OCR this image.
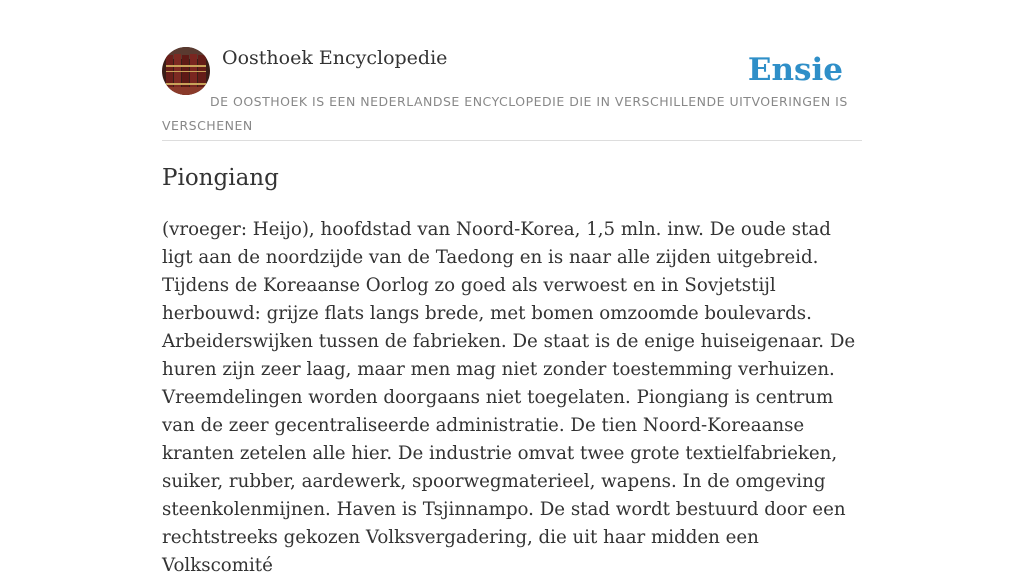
Oosthoek Encyclopedie	Ensie
DE OOSTHOEK IS EEN NEDERLANDSE ENCYCLOPEDIE DIE IN VERSCHILLENDE UITVOERINGEN IS VERSCHENEN
Piongiang

(vroeger: Heijo), hoofdstad van Noord-Korea, 1,5 mln. inw. De oude stad ligt aan de noordzijde van de Taedong en is naar alle zijden uitgebreid. Tijdens de Koreaanse Oorlog zo goed als verwoest en in Sovjetstijl herbouwd: grijze flats langs brede, met bomen omzoomde boulevards. Arbeiderswijken tussen de fabrieken. De staat is de enige huiseigenaar. De huren zijn zeer laag, maar men mag niet zonder toestemming verhuizen. Vreemdelingen worden doorgaans niet toegelaten. Piongiang is centrum van de zeer gecentraliseerde administratie. De tien Noord-Koreaanse kranten zetelen alle hier. De industrie omvat twee grote textielfabrieken, suiker, rubber, aardewerk, spoorwegmaterieel, wapens. In de omgeving steenkolenmijnen. Haven is Tsjinnampo. De stad wordt bestuurd door een rechtstreeks gekozen Volksvergadering, die uit haar midden een Volkscomité
